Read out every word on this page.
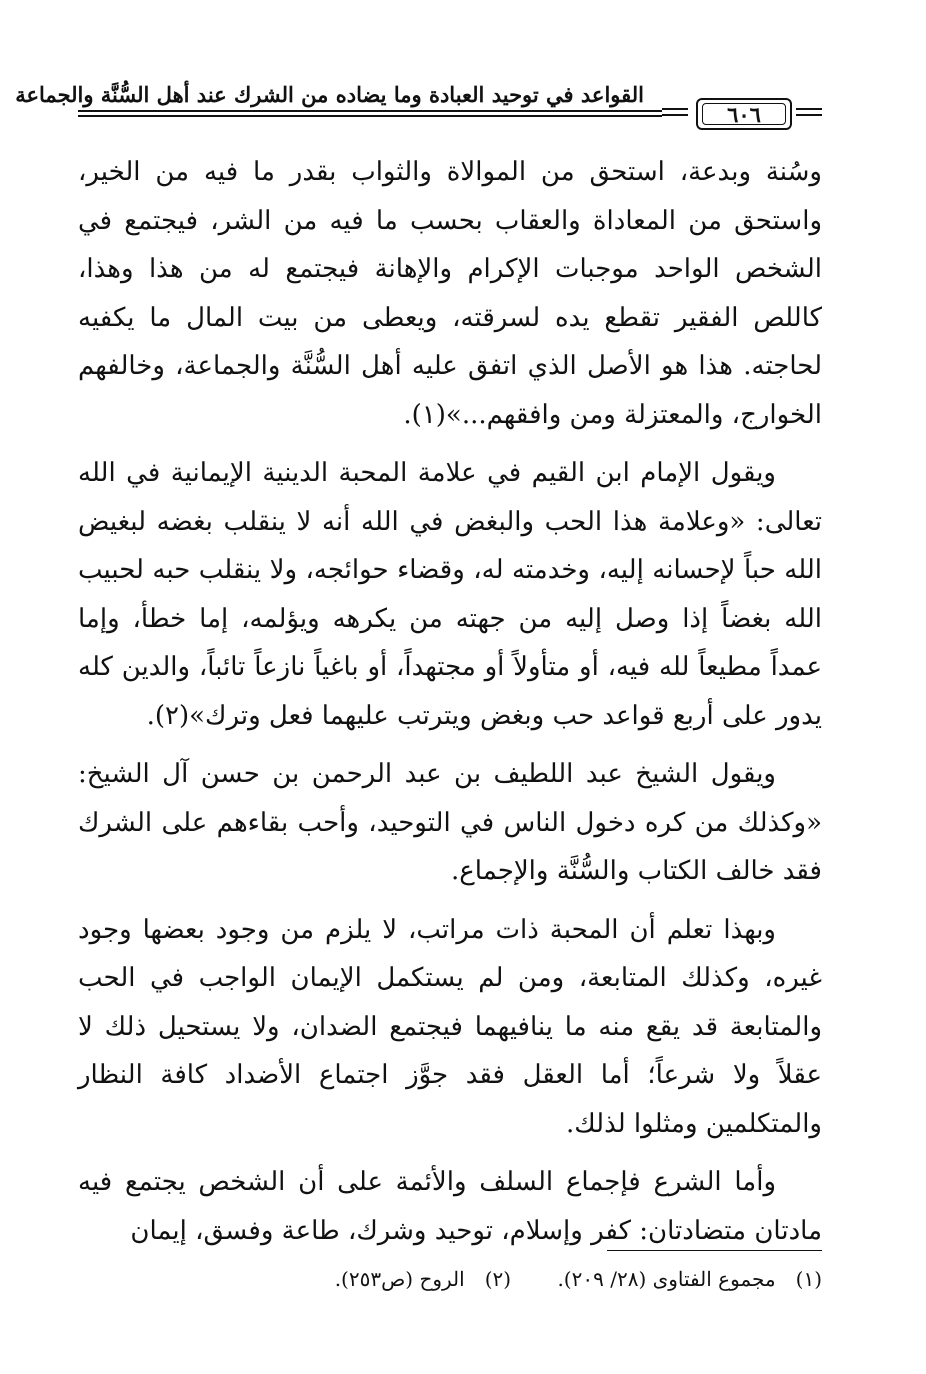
القواعد في توحيد العبادة وما يضاده من الشرك عند أهل السُّنَّة والجماعة
٦٠٦

وسُنة وبدعة، استحق من الموالاة والثواب بقدر ما فيه من الخير، واستحق من المعاداة والعقاب بحسب ما فيه من الشر، فيجتمع في الشخص الواحد موجبات الإكرام والإهانة فيجتمع له من هذا وهذا، كاللص الفقير تقطع يده لسرقته، ويعطى من بيت المال ما يكفيه لحاجته. هذا هو الأصل الذي اتفق عليه أهل السُّنَّة والجماعة، وخالفهم الخوارج، والمعتزلة ومن وافقهم...»(١).

ويقول الإمام ابن القيم في علامة المحبة الدينية الإيمانية في الله تعالى: «وعلامة هذا الحب والبغض في الله أنه لا ينقلب بغضه لبغيض الله حباً لإحسانه إليه، وخدمته له، وقضاء حوائجه، ولا ينقلب حبه لحبيب الله بغضاً إذا وصل إليه من جهته من يكرهه ويؤلمه، إما خطأ، وإما عمداً مطيعاً لله فيه، أو متأولاً أو مجتهداً، أو باغياً نازعاً تائباً، والدين كله يدور على أربع قواعد حب وبغض ويترتب عليهما فعل وترك»(٢).

ويقول الشيخ عبد اللطيف بن عبد الرحمن بن حسن آل الشيخ: «وكذلك من كره دخول الناس في التوحيد، وأحب بقاءهم على الشرك فقد خالف الكتاب والسُّنَّة والإجماع.

وبهذا تعلم أن المحبة ذات مراتب، لا يلزم من وجود بعضها وجود غيره، وكذلك المتابعة، ومن لم يستكمل الإيمان الواجب في الحب والمتابعة قد يقع منه ما ينافيهما فيجتمع الضدان، ولا يستحيل ذلك لا عقلاً ولا شرعاً؛ أما العقل فقد جوَّز اجتماع الأضداد كافة النظار والمتكلمين ومثلوا لذلك.

وأما الشرع فإجماع السلف والأئمة على أن الشخص يجتمع فيه مادتان متضادتان: كفر وإسلام، توحيد وشرك، طاعة وفسق، إيمان

(١)مجموع الفتاوى (٢٨/ ٢٠٩). (٢)الروح (ص٢٥٣).
